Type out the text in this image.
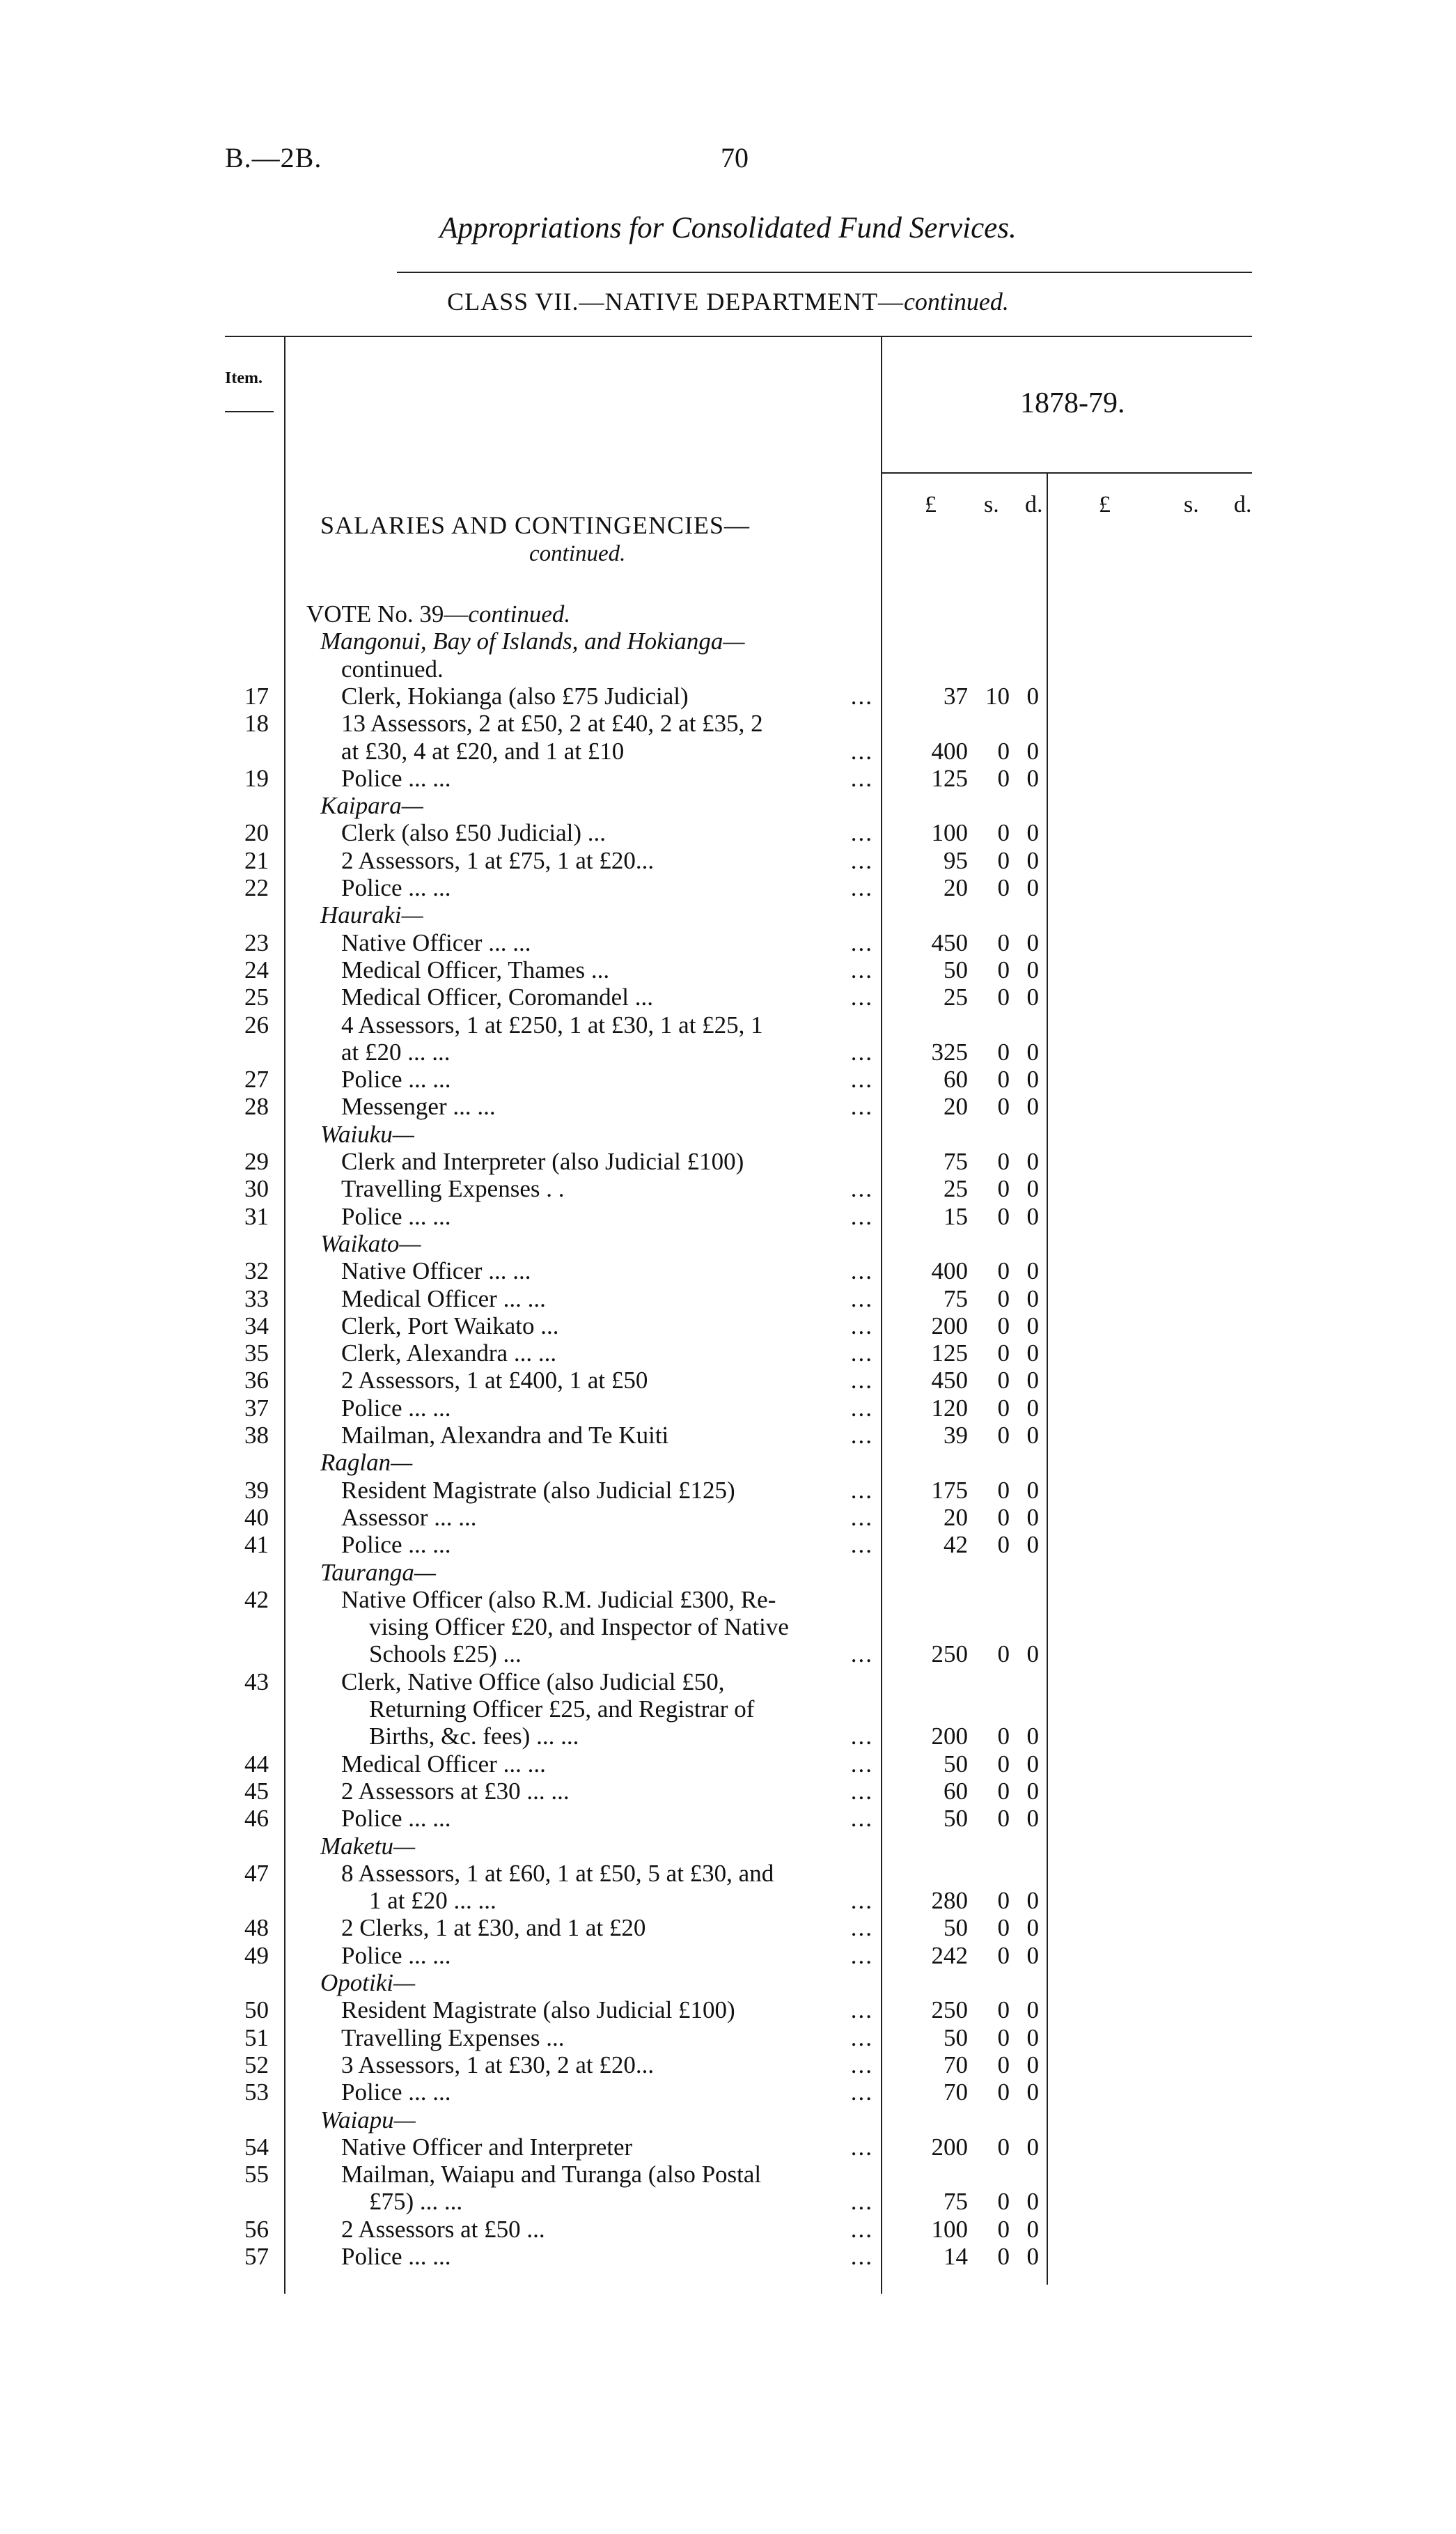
B.—2B.	70
Appropriations for Consolidated Fund Services.
CLASS VII.—NATIVE DEPARTMENT—continued.
Item.
1878-79.
£ s. d. £	s. d.
SALARIES AND CONTINGENCIES—
continued.
VOTE No. 39—continued.
Mangonui, Bay of Islands, and Hokianga—
continued.
17	Clerk, Hokianga (also £75 Judicial)	...	37 10 0
18	13 Assessors, 2 at £50, 2 at £40, 2 at £35, 2
at £30, 4 at £20, and 1 at £10	...	400	0 0
19	Police ... ...	...	125	0 0
Kaipara—
20	Clerk (also £50 Judicial) ...	...	100	0 0
21	2 Assessors, 1 at £75, 1 at £20...	...	95	0 0
22	Police ... ...	...	20	0 0
Hauraki—
23	Native Officer ... ...	...	450	0 0
24	Medical Officer, Thames ...	...	50	0 0
25	Medical Officer, Coromandel ...	...	25	0 0
26	4 Assessors, 1 at £250, 1 at £30, 1 at £25, 1
at £20 ... ...	...	325	0 0
27	Police ... ...	...	60	0 0
28	Messenger ... ...	...	20	0 0
Waiuku—
29	Clerk and Interpreter (also Judicial £100)	75	0 0
30	Travelling Expenses . .	...	25	0 0
31	Police ... ...	...	15	0 0
Waikato—
32	Native Officer ... ...	...	400	0 0
33	Medical Officer ... ...	...	75	0 0
34	Clerk, Port Waikato ...	...	200	0 0
35	Clerk, Alexandra ... ...	...	125	0 0
36	2 Assessors, 1 at £400, 1 at £50	...	450	0 0
37	Police ... ...	...	120	0 0
38	Mailman, Alexandra and Te Kuiti	...	39	0 0
Raglan—
39	Resident Magistrate (also Judicial £125)	...	175	0 0
40	Assessor ... ...	...	20	0 0
41	Police ... ...	...	42	0 0
Tauranga—
42	Native Officer (also R.M. Judicial £300, Re-
vising Officer £20, and Inspector of Native
Schools £25) ...	...	250	0 0
43	Clerk, Native Office (also Judicial £50,
Returning Officer £25, and Registrar of
Births, &c. fees) ... ...	...	200	0 0
44	Medical Officer ... ...	...	50	0 0
45	2 Assessors at £30 ... ...	...	60	0 0
46	Police ... ...	...	50	0 0
Maketu—
47	8 Assessors, 1 at £60, 1 at £50, 5 at £30, and
1 at £20 ... ...	...	280	0 0
48	2 Clerks, 1 at £30, and 1 at £20	...	50	0 0
49	Police ... ...	...	242	0 0
Opotiki—
50	Resident Magistrate (also Judicial £100)	...	250	0 0
51	Travelling Expenses ...	...	50	0 0
52	3 Assessors, 1 at £30, 2 at £20...	...	70	0 0
53	Police ... ...	...	70	0 0
Waiapu—
54	Native Officer and Interpreter	...	200	0 0
55	Mailman, Waiapu and Turanga (also Postal
£75) ... ...	...	75	0 0
56	2 Assessors at £50 ...	...	100	0 0
57	Police ... ...	...	14	0 0
